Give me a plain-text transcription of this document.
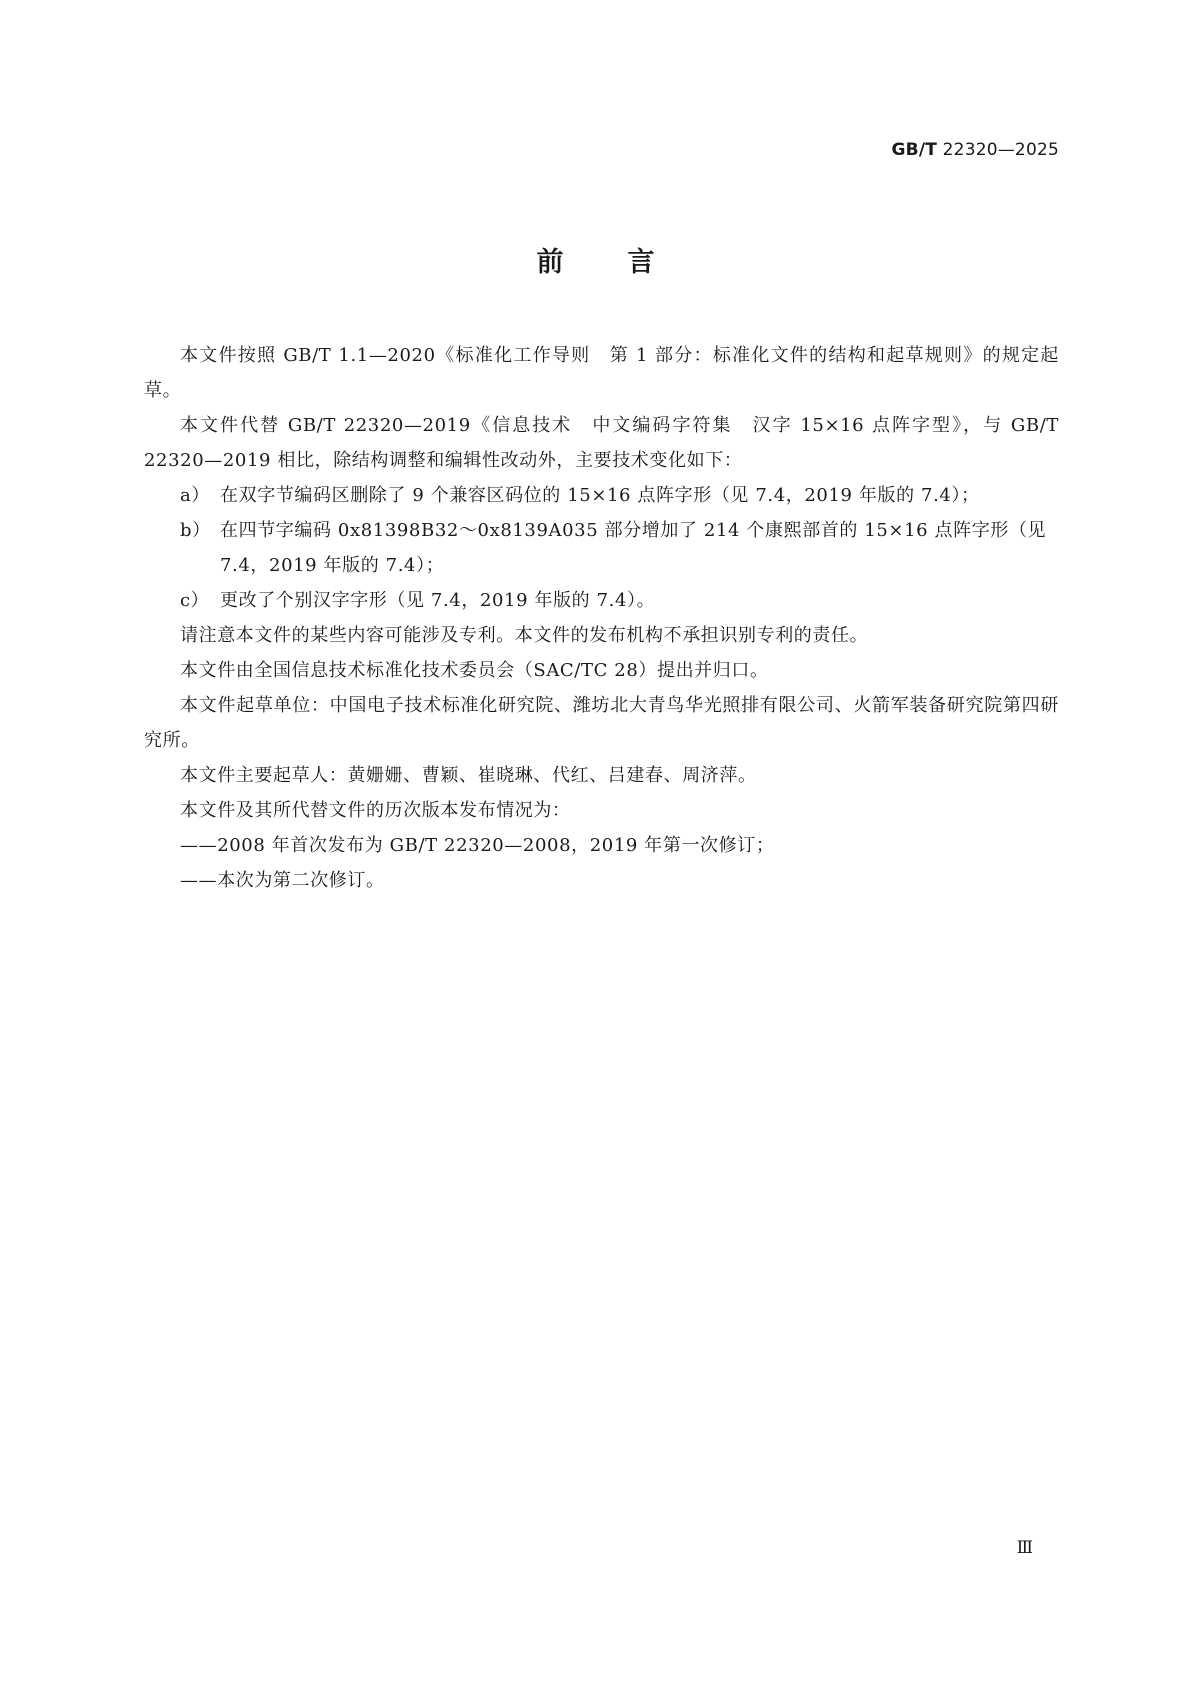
GB/T 22320—2025
前 言

本文件按照 GB/T 1.1—2020《标准化工作导则　第 1 部分：标准化文件的结构和起草规则》的规定起草。

本文件代替 GB/T 22320—2019《信息技术　中文编码字符集　汉字 15×16 点阵字型》，与 GB/T 22320—2019 相比，除结构调整和编辑性改动外，主要技术变化如下：

a） 在双字节编码区删除了 9 个兼容区码位的 15×16 点阵字形（见 7.4，2019 年版的 7.4）；

b） 在四节字编码 0x81398B32～0x8139A035 部分增加了 214 个康熙部首的 15×16 点阵字形（见
7.4，2019 年版的 7.4）；

c） 更改了个别汉字字形（见 7.4，2019 年版的 7.4）。

请注意本文件的某些内容可能涉及专利。本文件的发布机构不承担识别专利的责任。

本文件由全国信息技术标准化技术委员会（SAC/TC 28）提出并归口。

本文件起草单位：中国电子技术标准化研究院、潍坊北大青鸟华光照排有限公司、火箭军装备研究院第四研究所。

本文件主要起草人：黄姗姗、曹颖、崔晓琳、代红、吕建春、周济萍。

本文件及其所代替文件的历次版本发布情况为：

——2008 年首次发布为 GB/T 22320—2008，2019 年第一次修订；

——本次为第二次修订。

Ⅲ
